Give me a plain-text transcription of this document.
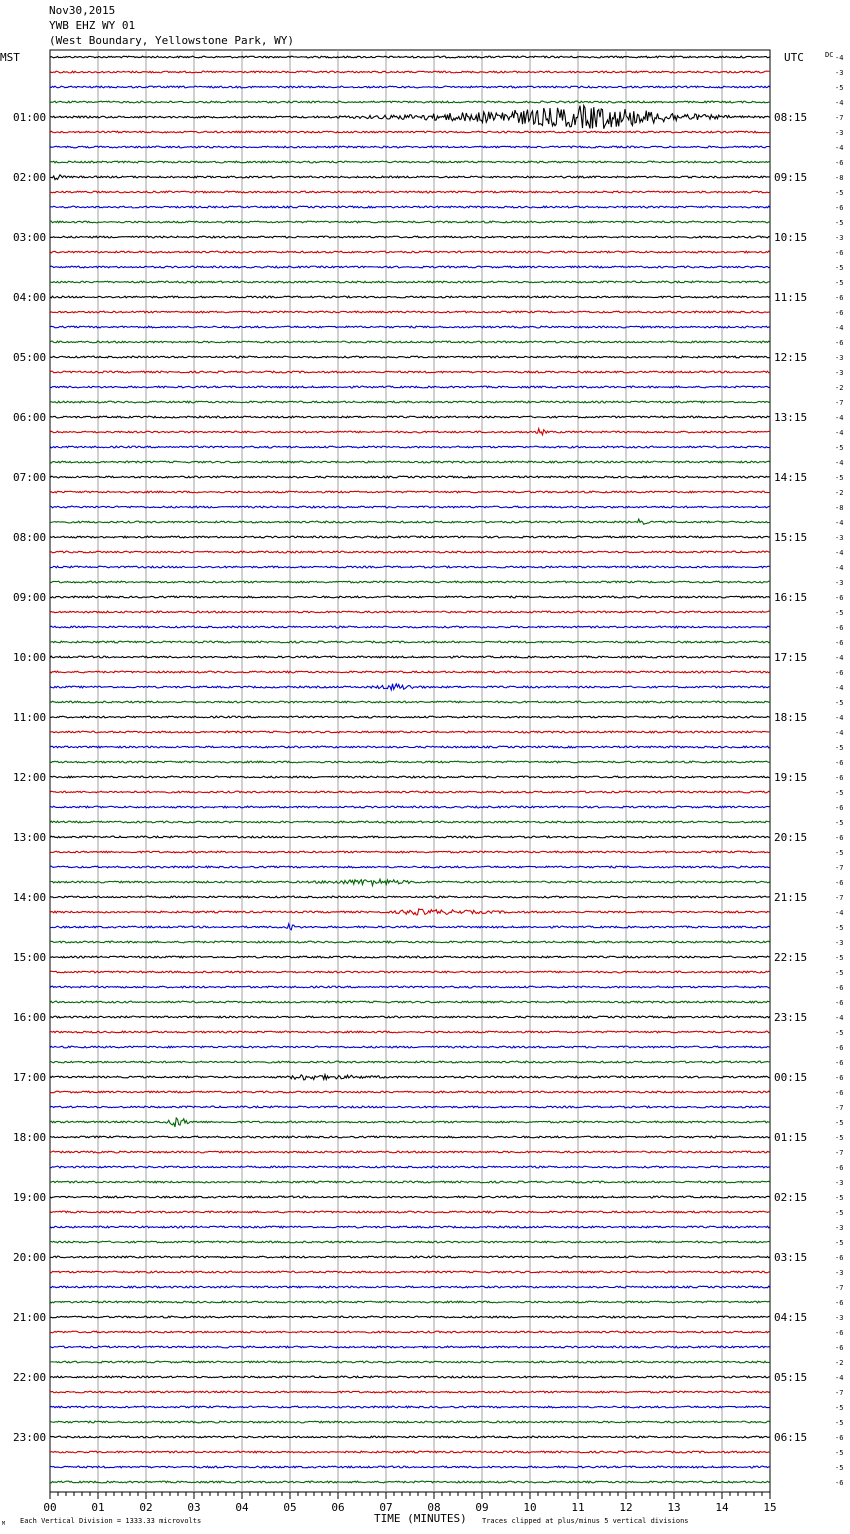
Nov30,2015
YWB EHZ WY 01
(West Boundary, Yellowstone Park, WY)
MST	UTC	DC
TIME (MINUTES)
Each Vertical Division = 1333.33 microvolts	Traces clipped at plus/minus 5 vertical divisions
M
01:00
02:00
03:00
04:00
05:00
06:00
07:00
08:00
09:00
10:00
11:00
12:00
13:00
14:00
15:00
16:00
17:00
18:00
19:00
20:00
21:00
22:00
23:00
08:15
09:15
10:15
11:15
12:15
13:15
14:15
15:15
16:15
17:15
18:15
19:15
20:15
21:15
22:15
23:15
00:15
01:15
02:15
03:15
04:15
05:15
06:15
-4
-3
-5
-4
-7
-3
-4
-6
-8
-5
-6
-5
-3
-6
-5
-5
-6
-6
-4
-6
-3
-3
-2
-7
-4
-4
-5
-4
-5
-2
-8
-4
-3
-4
-4
-3
-6
-5
-6
-6
-4
-6
-4
-5
-4
-4
-5
-6
-6
-5
-6
-5
-6
-5
-7
-6
-7
-4
-5
-3
-5
-5
-6
-6
-4
-5
-6
-6
-6
-6
-7
-5
-5
-7
-6
-3
-5
-5
-3
-5
-6
-3
-7
-6
-3
-6
-6
-2
-4
-7
-5
-5
-6
-5
-5
-6
00	01	02	03	04	05	06	07	08	09	10	11	12	13	14	15
